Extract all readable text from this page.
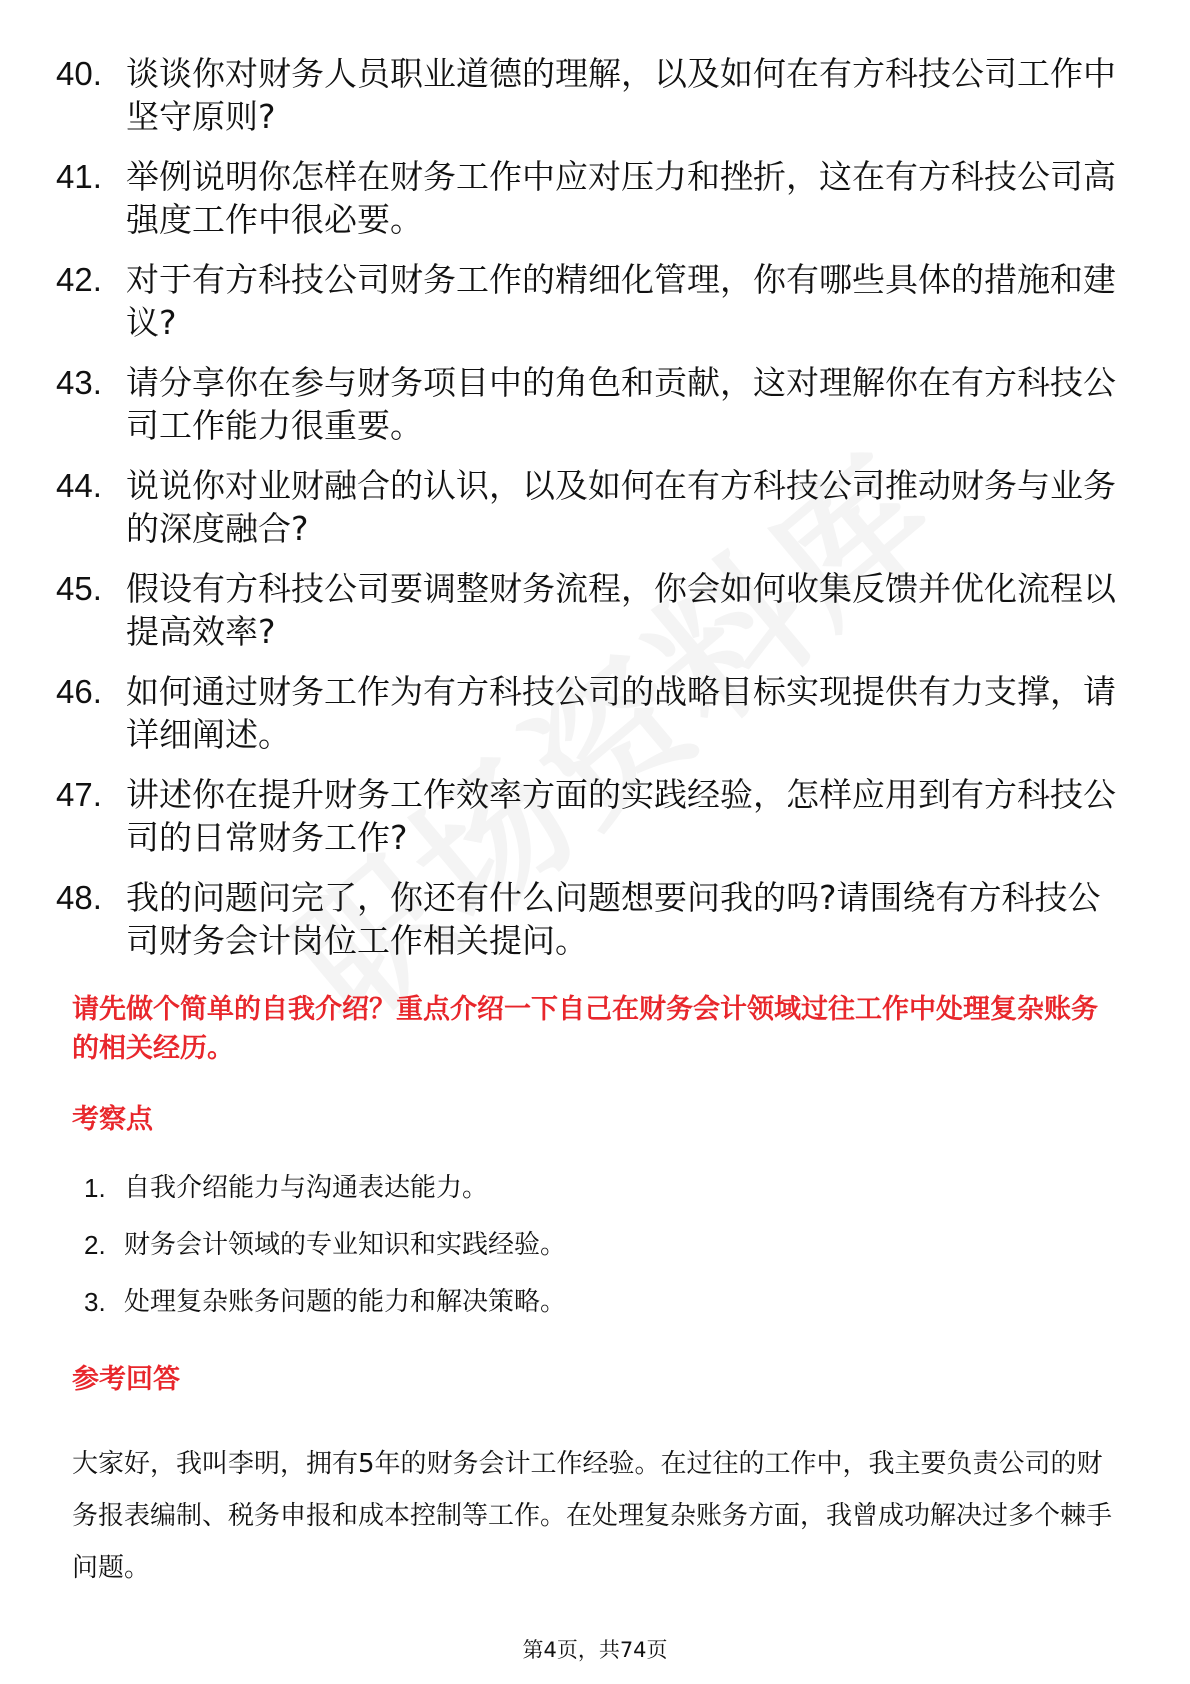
40. 谈谈你对财务人员职业道德的理解，以及如何在有方科技公司工作中坚守原则?
41. 举例说明你怎样在财务工作中应对压力和挫折，这在有方科技公司高强度工作中很必要。
42. 对于有方科技公司财务工作的精细化管理，你有哪些具体的措施和建议?
43. 请分享你在参与财务项目中的角色和贡献，这对理解你在有方科技公司工作能力很重要。
44. 说说你对业财融合的认识，以及如何在有方科技公司推动财务与业务的深度融合?
45. 假设有方科技公司要调整财务流程，你会如何收集反馈并优化流程以提高效率?
46. 如何通过财务工作为有方科技公司的战略目标实现提供有力支撑，请详细阐述。
47. 讲述你在提升财务工作效率方面的实践经验，怎样应用到有方科技公司的日常财务工作?
48. 我的问题问完了，你还有什么问题想要问我的吗?请围绕有方科技公司财务会计岗位工作相关提问。

请先做个简单的自我介绍？重点介绍一下自己在财务会计领域过往工作中处理复杂账务的相关经历。

考察点
1. 自我介绍能力与沟通表达能力。
2. 财务会计领域的专业知识和实践经验。
3. 处理复杂账务问题的能力和解决策略。
参考回答

大家好，我叫李明，拥有5年的财务会计工作经验。在过往的工作中，我主要负责公司的财务报表编制、税务申报和成本控制等工作。在处理复杂账务方面，我曾成功解决过多个棘手问题。

第4页，共74页
